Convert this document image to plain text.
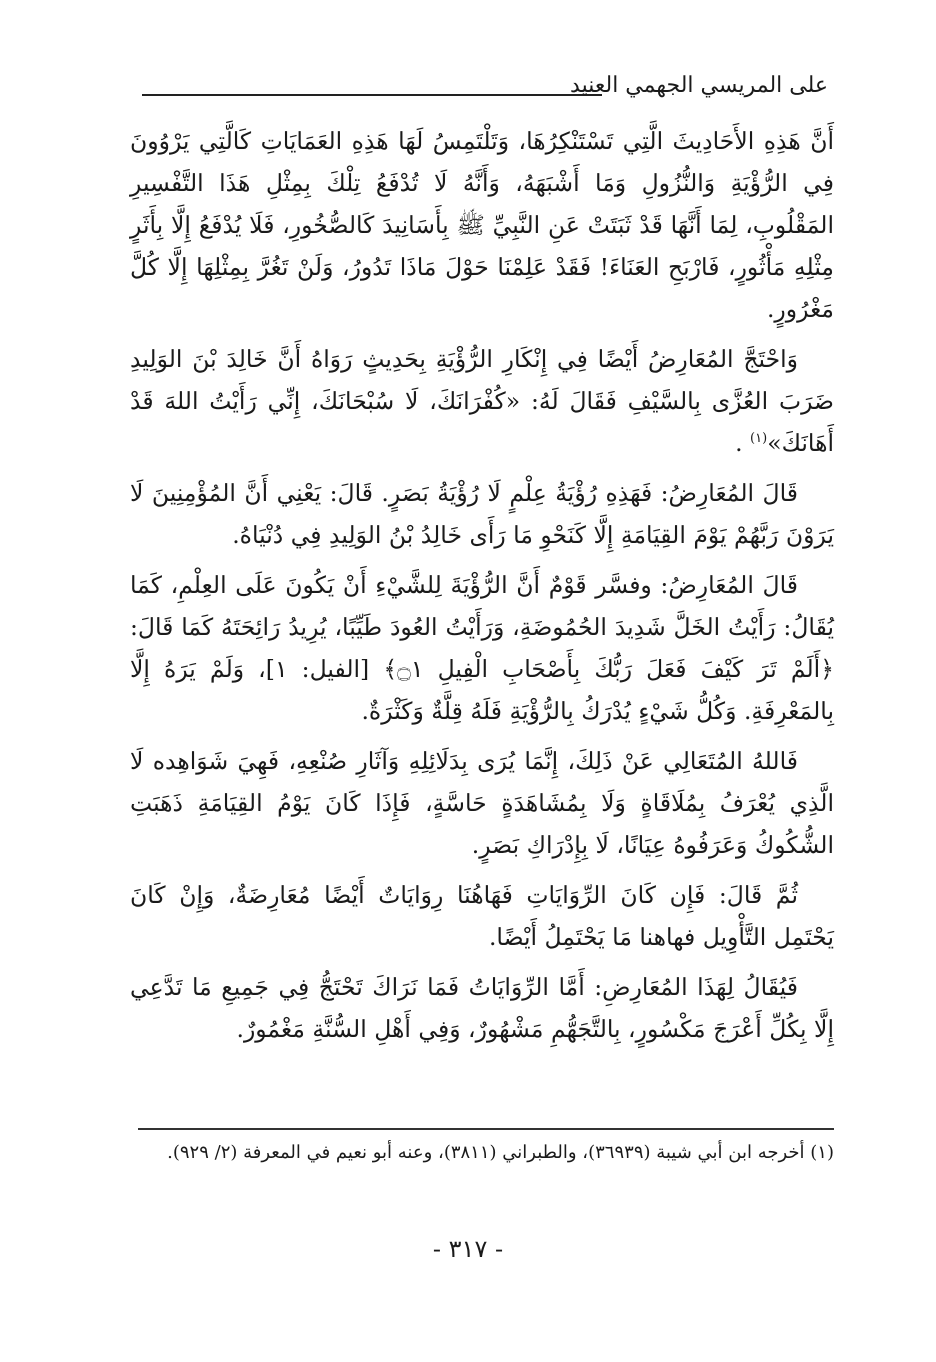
على المريسي الجهمي العنيد

أَنَّ هَذِهِ الأَحَادِيثَ الَّتِي تَسْتَنْكِرُهَا، وَتَلْتَمِسُ لَهَا هَذِهِ العَمَايَاتِ كَالَّتِي يَرْوُونَ فِي الرُّؤْيَةِ وَالنُّزُولِ وَمَا أَشْبَهَهُ، وَأَنَّهُ لَا تُدْفَعُ تِلْكَ بِمِثْلِ هَذَا التَّفْسِيرِ المَقْلُوبِ، لِمَا أَنَّهَا قَدْ ثَبَتَتْ عَنِ النَّبِيِّ ﷺ بِأَسَانِيدَ كَالصُّخُورِ، فَلَا يُدْفَعُ إِلَّا بِأَثَرٍ مِثْلِهِ مَأْثُورٍ، فَارْبَحِ العَنَاءَ! فَقَدْ عَلِمْنَا حَوْلَ مَاذَا تَدُورُ، وَلَنْ تَغُرَّ بِمِثْلِهَا إِلَّا كُلَّ مَغْرُورٍ.

وَاحْتَجَّ المُعَارِضُ أَيْضًا فِي إِنْكَارِ الرُّؤْيَةِ بِحَدِيثٍ رَوَاهُ أَنَّ خَالِدَ بْنَ الوَلِيدِ ضَرَبَ العُزَّى بِالسَّيْفِ فَقَالَ لَهُ: «كُفْرَانَكَ، لَا سُبْحَانَكَ، إِنِّي رَأَيْتُ اللهَ قَدْ أَهَانَكَ»$^{(١)}$ .

قَالَ المُعَارِضُ: فَهَذِهِ رُؤْيَةُ عِلْمٍ لَا رُؤْيَةُ بَصَرٍ. قَالَ: يَعْنِي أَنَّ المُؤْمِنِينَ لَا يَرَوْنَ رَبَّهُمْ يَوْمَ القِيَامَةِ إِلَّا كَنَحْوِ مَا رَأَى خَالِدُ بْنُ الوَلِيدِ فِي دُنْيَاهُ.

قَالَ المُعَارِضُ: وفسَّر قَوْمٌ أَنَّ الرُّؤْيَةَ لِلشَّيْءِ أَنْ يَكُونَ عَلَى العِلْمِ، كَمَا يُقَالُ: رَأَيْتُ الخَلَّ شَدِيدَ الحُمُوضَةِ، وَرَأَيْتُ العُودَ طَيِّبًا، يُرِيدُ رَائِحَتَهُ كَمَا قَالَ: ﴿أَلَمْ تَرَ كَيْفَ فَعَلَ رَبُّكَ بِأَصْحَابِ الْفِيلِ ۝١﴾ [الفيل: ١]، وَلَمْ يَرَهُ إِلَّا بِالمَعْرِفَةِ. وَكُلُّ شَيْءٍ يُدْرَكُ بِالرُّؤْيَةِ فَلَهُ قِلَّةٌ وَكَثْرَةٌ.

فَاللهُ المُتَعَالِي عَنْ ذَلِكَ، إِنَّمَا يُرَى بِدَلَائِلِهِ وَآثَارِ صُنْعِهِ، فَهِيَ شَوَاهِده لَا الَّذِي يُعْرَفُ بِمُلَاقَاةٍ وَلَا بِمُشَاهَدَةٍ حَاسَّةٍ، فَإِذَا كَانَ يَوْمُ القِيَامَةِ ذَهَبَتِ الشُّكُوكُ وَعَرَفُوهُ عِيَانًا، لَا بِإِدْرَاكِ بَصَرٍ.

ثُمَّ قَالَ: فَإِن كَانَ الرِّوَايَاتِ فَهَاهُنَا رِوَايَاتٌ أَيْضًا مُعَارِضَةٌ، وَإِنْ كَانَ يَحْتَمِل التَّأْوِيل فهاهنا مَا يَحْتَمِلُ أَيْضًا.

فَيُقَالُ لِهَذَا المُعَارِضِ: أَمَّا الرِّوَايَاتُ فَمَا نَرَاكَ تَحْتَجُّ فِي جَمِيعِ مَا تَدَّعِي إِلَّا بِكُلِّ أَعْرَجَ مَكْسُورٍ، بِالتَّجَهُّمِ مَشْهُورٌ، وَفِي أَهْلِ السُّنَّةِ مَغْمُورٌ.

(١) أخرجه ابن أبي شيبة (٣٦٩٣٩)، والطبراني (٣٨١١)، وعنه أبو نعيم في المعرفة (٢/ ٩٢٩).
- ٣١٧ -
